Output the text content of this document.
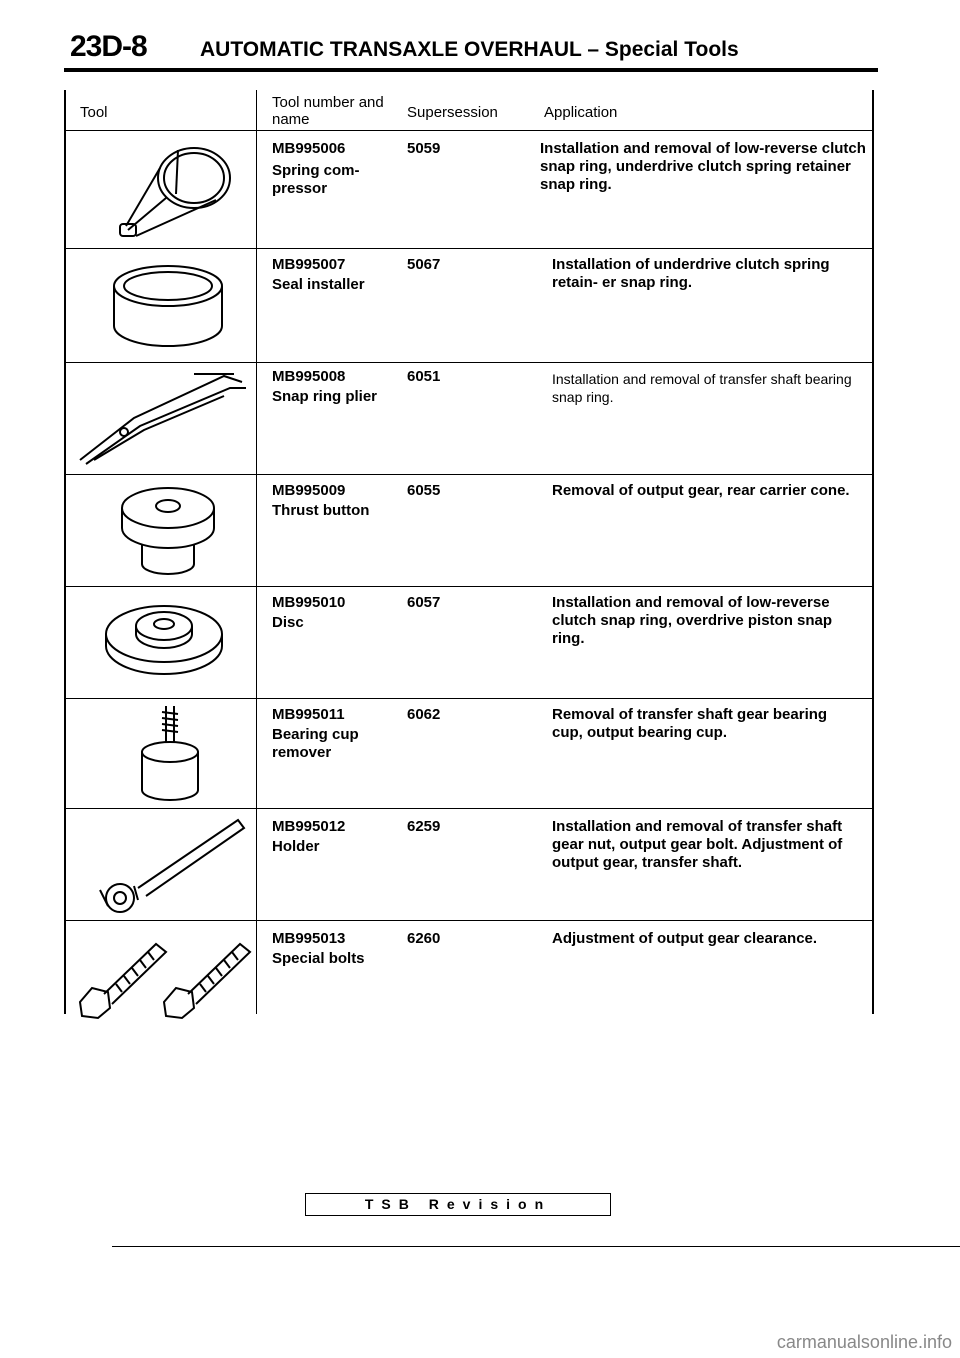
23D-8	AUTOMATIC TRANSAXLE OVERHAUL – Special Tools
Tool
Tool number and name	Supersession	Application
MB995006
Spring com- pressor
5059	Installation and removal of low-reverse clutch snap ring, underdrive clutch spring retainer snap ring.
MB995007
Seal installer
5067	Installation of underdrive clutch spring retain- er snap ring.
MB995008
Snap ring plier
6051	Installation and removal of transfer shaft bearing snap ring.
MB995009
Thrust button
6055	Removal of output gear, rear carrier cone.
MB995010
Disc
6057	Installation and removal of low-reverse clutch snap ring, overdrive piston snap ring.
MB995011
Bearing cup remover
6062	Removal of transfer shaft gear bearing cup, output bearing cup.
MB995012
Holder
6259	Installation and removal of transfer shaft gear nut, output gear bolt. Adjustment of output gear, transfer shaft.
MB995013
Special bolts
6260	Adjustment of output gear clearance.
TSB Revision
carmanualsonline.info
